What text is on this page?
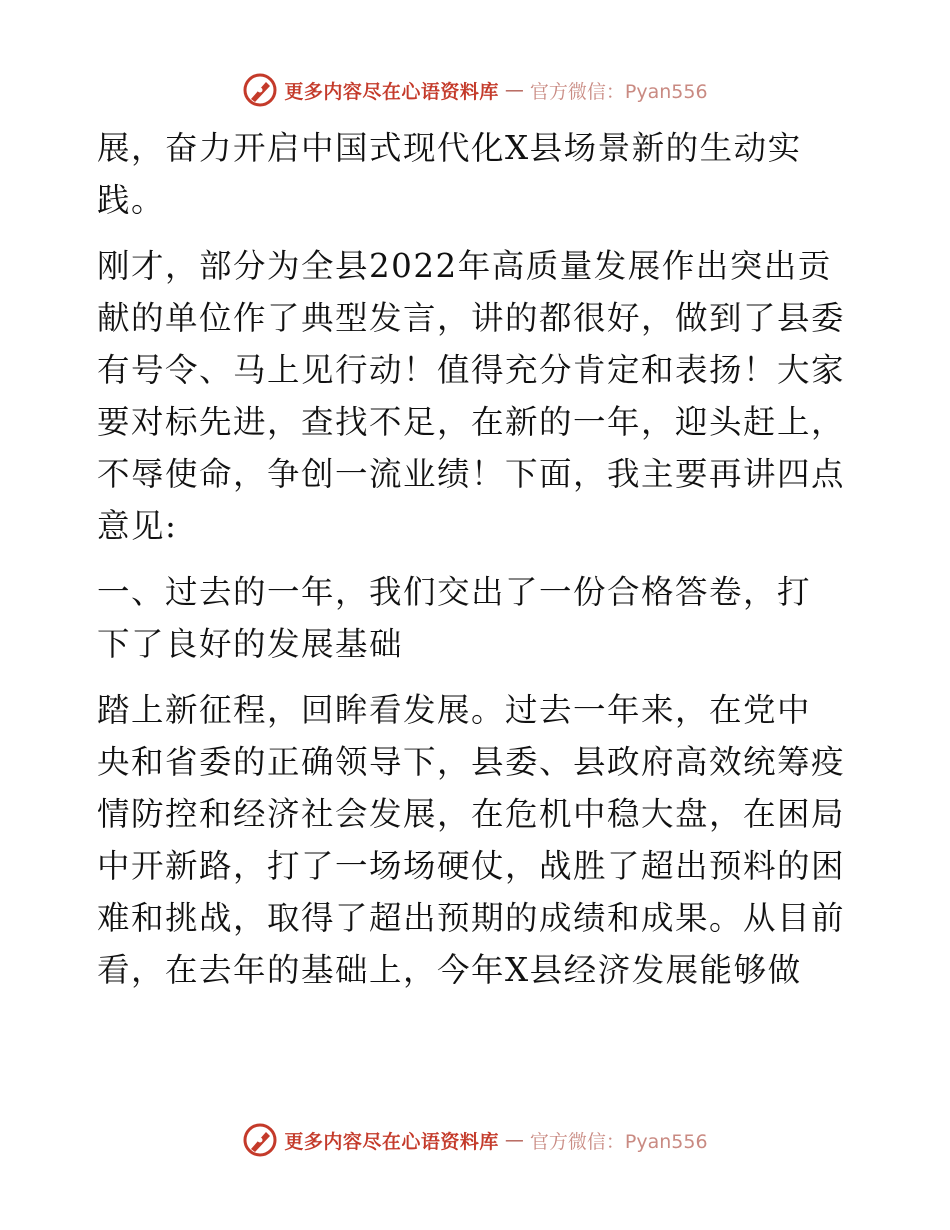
更多内容尽在心语资料库 — 官方微信：Pyan556

展，奋力开启中国式现代化X县场景新的生动实
践。

刚才，部分为全县2022年高质量发展作出突出贡
献的单位作了典型发言，讲的都很好，做到了县委
有号令、马上见行动！值得充分肯定和表扬！大家
要对标先进，查找不足，在新的一年，迎头赶上，
不辱使命，争创一流业绩！下面，我主要再讲四点
意见:

一、过去的一年，我们交出了一份合格答卷，打
下了良好的发展基础

踏上新征程，回眸看发展。过去一年来，在党中
央和省委的正确领导下，县委、县政府高效统筹疫
情防控和经济社会发展，在危机中稳大盘，在困局
中开新路，打了一场场硬仗，战胜了超出预料的困
难和挑战，取得了超出预期的成绩和成果。从目前
看，在去年的基础上，今年X县经济发展能够做

更多内容尽在心语资料库 — 官方微信：Pyan556
